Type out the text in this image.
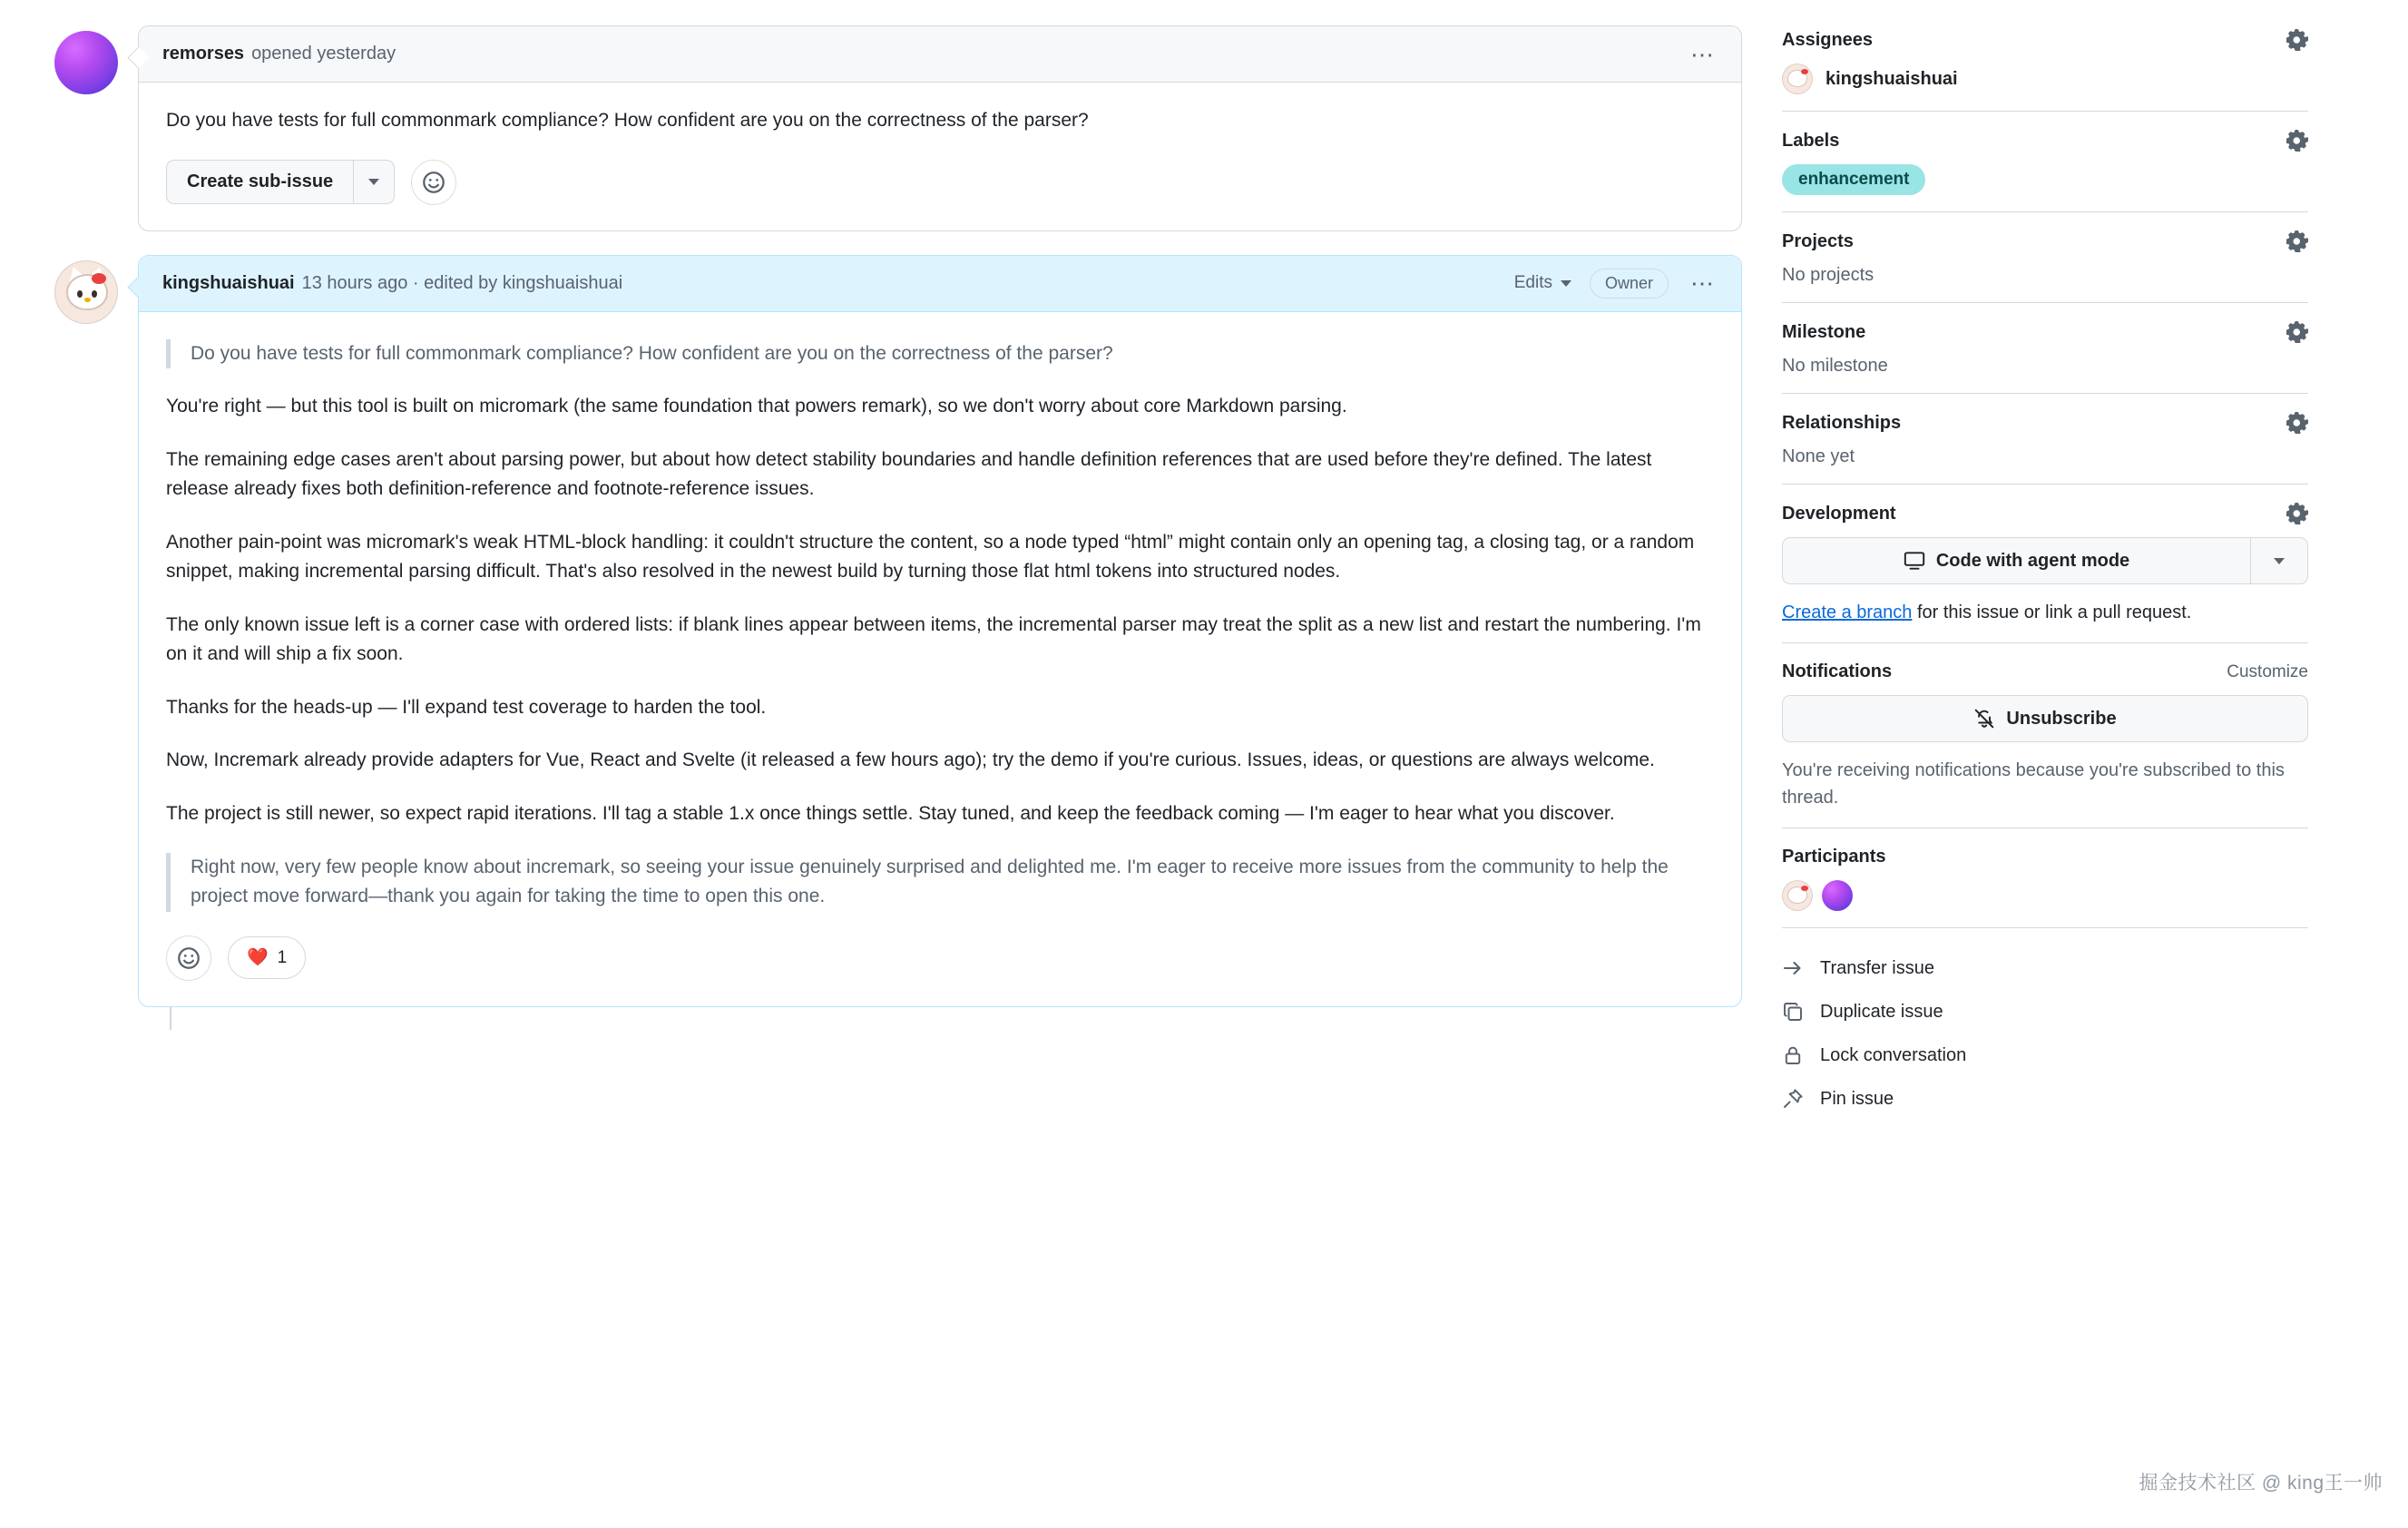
remorses opened yesterday	⋯

Do you have tests for full commonmark compliance? How confident are you on the correctness of the parser?

Create sub-issue
kingshuaishuai 13 hours ago · edited by kingshuaishuai	Edits	Owner	⋯

Do you have tests for full commonmark compliance? How confident are you on the correctness of the parser?

You're right — but this tool is built on micromark (the same foundation that powers remark), so we don't worry about core Markdown parsing.

The remaining edge cases aren't about parsing power, but about how detect stability boundaries and handle definition references that are used before they're defined. The latest release already fixes both definition-reference and footnote-reference issues.

Another pain-point was micromark's weak HTML-block handling: it couldn't structure the content, so a node typed “html” might contain only an opening tag, a closing tag, or a random snippet, making incremental parsing difficult. That's also resolved in the newest build by turning those flat html tokens into structured nodes.

The only known issue left is a corner case with ordered lists: if blank lines appear between items, the incremental parser may treat the split as a new list and restart the numbering. I'm on it and will ship a fix soon.

Thanks for the heads-up — I'll expand test coverage to harden the tool.

Now, Incremark already provide adapters for Vue, React and Svelte (it released a few hours ago); try the demo if you're curious. Issues, ideas, or questions are always welcome.

The project is still newer, so expect rapid iterations. I'll tag a stable 1.x once things settle. Stay tuned, and keep the feedback coming — I'm eager to hear what you discover.

Right now, very few people know about incremark, so seeing your issue genuinely surprised and delighted me. I'm eager to receive more issues from the community to help the project move forward—thank you again for taking the time to open this one.

❤️ 1
Assignees
kingshuaishuai
Labels
enhancement
Projects
No projects
Milestone
No milestone
Relationships
None yet
Development
Code with agent mode
Create a branch for this issue or link a pull request.
Notifications	Customize
Unsubscribe
You're receiving notifications because you're subscribed to this thread.
Participants
Transfer issue
Duplicate issue
Lock conversation
Pin issue
掘金技术社区 @ king王一帅
